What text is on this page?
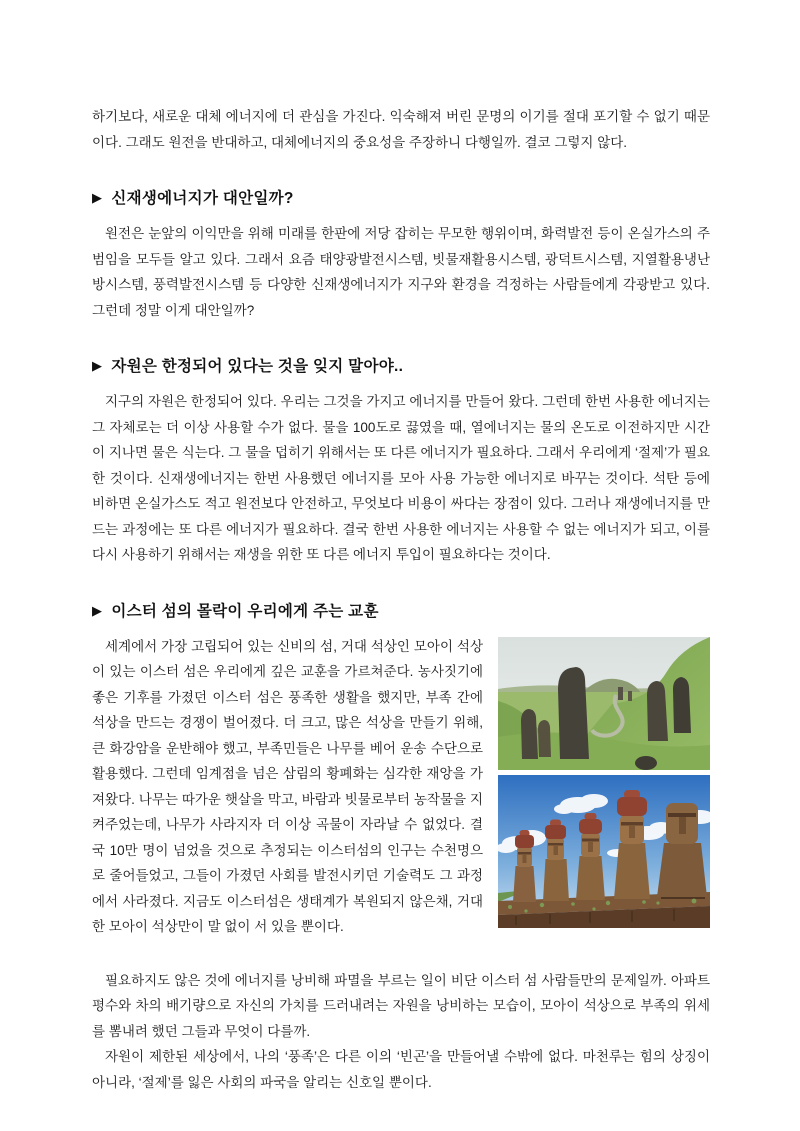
하기보다, 새로운 대체 에너지에 더 관심을 가진다. 익숙해져 버린 문명의 이기를 절대 포기할 수 없기 때문이다. 그래도 원전을 반대하고, 대체에너지의 중요성을 주장하니 다행일까. 결코 그렇지 않다.
▶ 신재생에너지가 대안일까?
원전은 눈앞의 이익만을 위해 미래를 한판에 저당 잡히는 무모한 행위이며, 화력발전 등이 온실가스의 주범임을 모두들 알고 있다. 그래서 요즘 태양광발전시스템, 빗물재활용시스템, 광덕트시스템, 지열활용냉난방시스템, 풍력발전시스템 등 다양한 신재생에너지가 지구와 환경을 걱정하는 사람들에게 각광받고 있다. 그런데 정말 이게 대안일까?
▶ 자원은 한정되어 있다는 것을 잊지 말아야..
지구의 자원은 한정되어 있다. 우리는 그것을 가지고 에너지를 만들어 왔다. 그런데 한번 사용한 에너지는 그 자체로는 더 이상 사용할 수가 없다. 물을 100도로 끓였을 때, 열에너지는 물의 온도로 이전하지만 시간이 지나면 물은 식는다. 그 물을 덥히기 위해서는 또 다른 에너지가 필요하다. 그래서 우리에게 ‘절제’가 필요한 것이다. 신재생에너지는 한번 사용했던 에너지를 모아 사용 가능한 에너지로 바꾸는 것이다. 석탄 등에 비하면 온실가스도 적고 원전보다 안전하고, 무엇보다 비용이 싸다는 장점이 있다. 그러나 재생에너지를 만드는 과정에는 또 다른 에너지가 필요하다. 결국 한번 사용한 에너지는 사용할 수 없는 에너지가 되고, 이를 다시 사용하기 위해서는 재생을 위한 또 다른 에너지 투입이 필요하다는 것이다.
▶ 이스터 섬의 몰락이 우리에게 주는 교훈
세계에서 가장 고립되어 있는 신비의 섬, 거대 석상인 모아이 석상이 있는 이스터 섬은 우리에게 깊은 교훈을 가르쳐준다. 농사짓기에 좋은 기후를 가졌던 이스터 섬은 풍족한 생활을 했지만, 부족 간에 석상을 만드는 경쟁이 벌어졌다. 더 크고, 많은 석상을 만들기 위해, 큰 화강암을 운반해야 했고, 부족민들은 나무를 베어 운송 수단으로 활용했다. 그런데 임계점을 넘은 삼림의 황폐화는 심각한 재앙을 가져왔다. 나무는 따가운 햇살을 막고, 바람과 빗물로부터 농작물을 지켜주었는데, 나무가 사라지자 더 이상 곡물이 자라날 수 없었다. 결국 10만 명이 넘었을 것으로 추정되는 이스터섬의 인구는 수천명으로 줄어들었고, 그들이 가졌던 사회를 발전시키던 기술력도 그 과정에서 사라졌다. 지금도 이스터섬은 생태계가 복원되지 않은채, 거대한 모아이 석상만이 말 없이 서 있을 뿐이다.
필요하지도 않은 것에 에너지를 낭비해 파멸을 부르는 일이 비단 이스터 섬 사람들만의 문제일까. 아파트 평수와 차의 배기량으로 자신의 가치를 드러내려는 자원을 낭비하는 모습이, 모아이 석상으로 부족의 위세를 뽐내려 했던 그들과 무엇이 다를까.
자원이 제한된 세상에서, 나의 ‘풍족’은 다른 이의 ‘빈곤’을 만들어낼 수밖에 없다. 마천루는 힘의 상징이 아니라, ‘절제’를 잃은 사회의 파국을 알리는 신호일 뿐이다.
